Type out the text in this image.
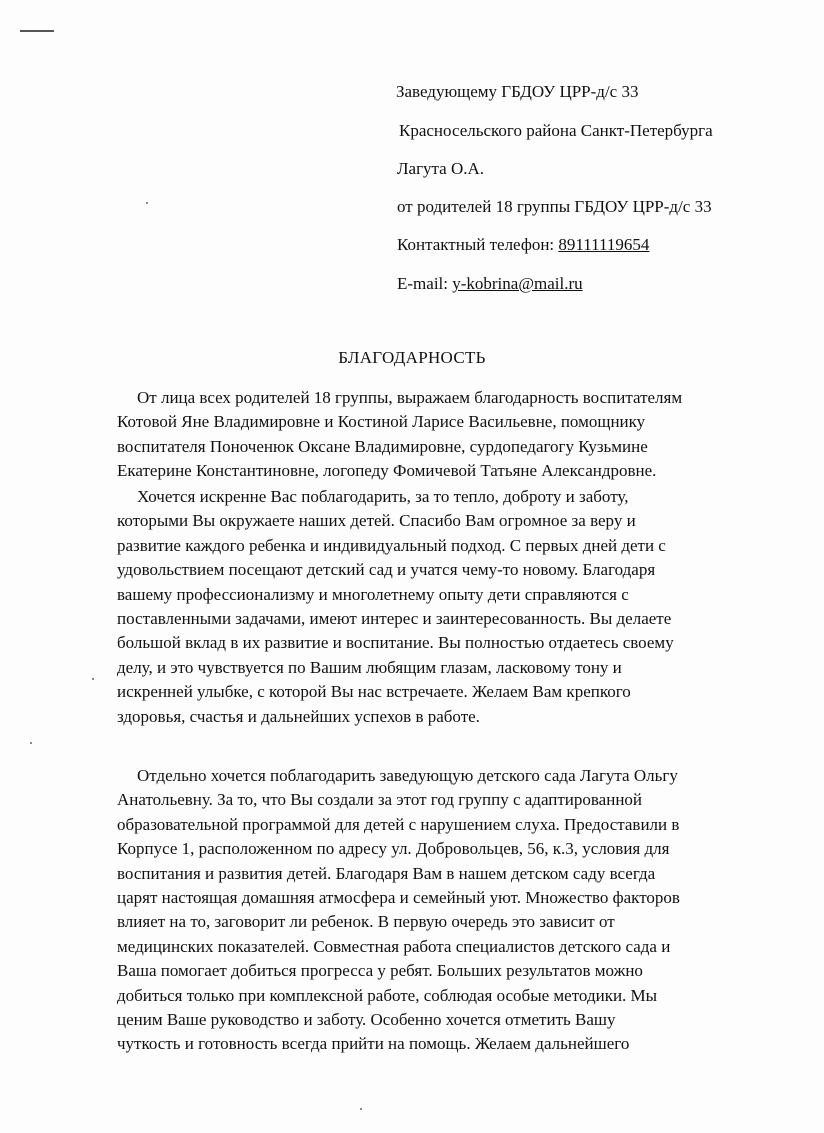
Заведующему ГБДОУ ЦРР-д/с 33
Красносельского района Санкт-Петербурга
Лагута О.А.
от родителей 18 группы ГБДОУ ЦРР-д/с 33
Контактный телефон: 89111119654
E-mail: y-kobrina@mail.ru
БЛАГОДАРНОСТЬ
От лица всех родителей 18 группы, выражаем благодарность воспитателям
Котовой Яне Владимировне и Костиной Ларисе Васильевне, помощнику
воспитателя Поноченюк Оксане Владимировне, сурдопедагогу Кузьмине
Екатерине Константиновне, логопеду Фомичевой Татьяне Александровне.
Хочется искренне Вас поблагодарить, за то тепло, доброту и заботу,
которыми Вы окружаете наших детей. Спасибо Вам огромное за веру и
развитие каждого ребенка и индивидуальный подход. С первых дней дети с
удовольствием посещают детский сад и учатся чему-то новому. Благодаря
вашему профессионализму и многолетнему опыту дети справляются с
поставленными задачами, имеют интерес и заинтересованность. Вы делаете
большой вклад в их развитие и воспитание. Вы полностью отдаетесь своему
делу, и это чувствуется по Вашим любящим глазам, ласковому тону и
искренней улыбке, с которой Вы нас встречаете. Желаем Вам крепкого
здоровья, счастья и дальнейших успехов в работе.
Отдельно хочется поблагодарить заведующую детского сада Лагута Ольгу
Анатольевну. За то, что Вы создали за этот год группу с адаптированной
образовательной программой для детей с нарушением слуха. Предоставили в
Корпусе 1, расположенном по адресу ул. Добровольцев, 56, к.3, условия для
воспитания и развития детей. Благодаря Вам в нашем детском саду всегда
царят настоящая домашняя атмосфера и семейный уют. Множество факторов
влияет на то, заговорит ли ребенок. В первую очередь это зависит от
медицинских показателей. Совместная работа специалистов детского сада и
Ваша помогает добиться прогресса у ребят. Больших результатов можно
добиться только при комплексной работе, соблюдая особые методики. Мы
ценим Ваше руководство и заботу. Особенно хочется отметить Вашу
чуткость и готовность всегда прийти на помощь. Желаем дальнейшего
